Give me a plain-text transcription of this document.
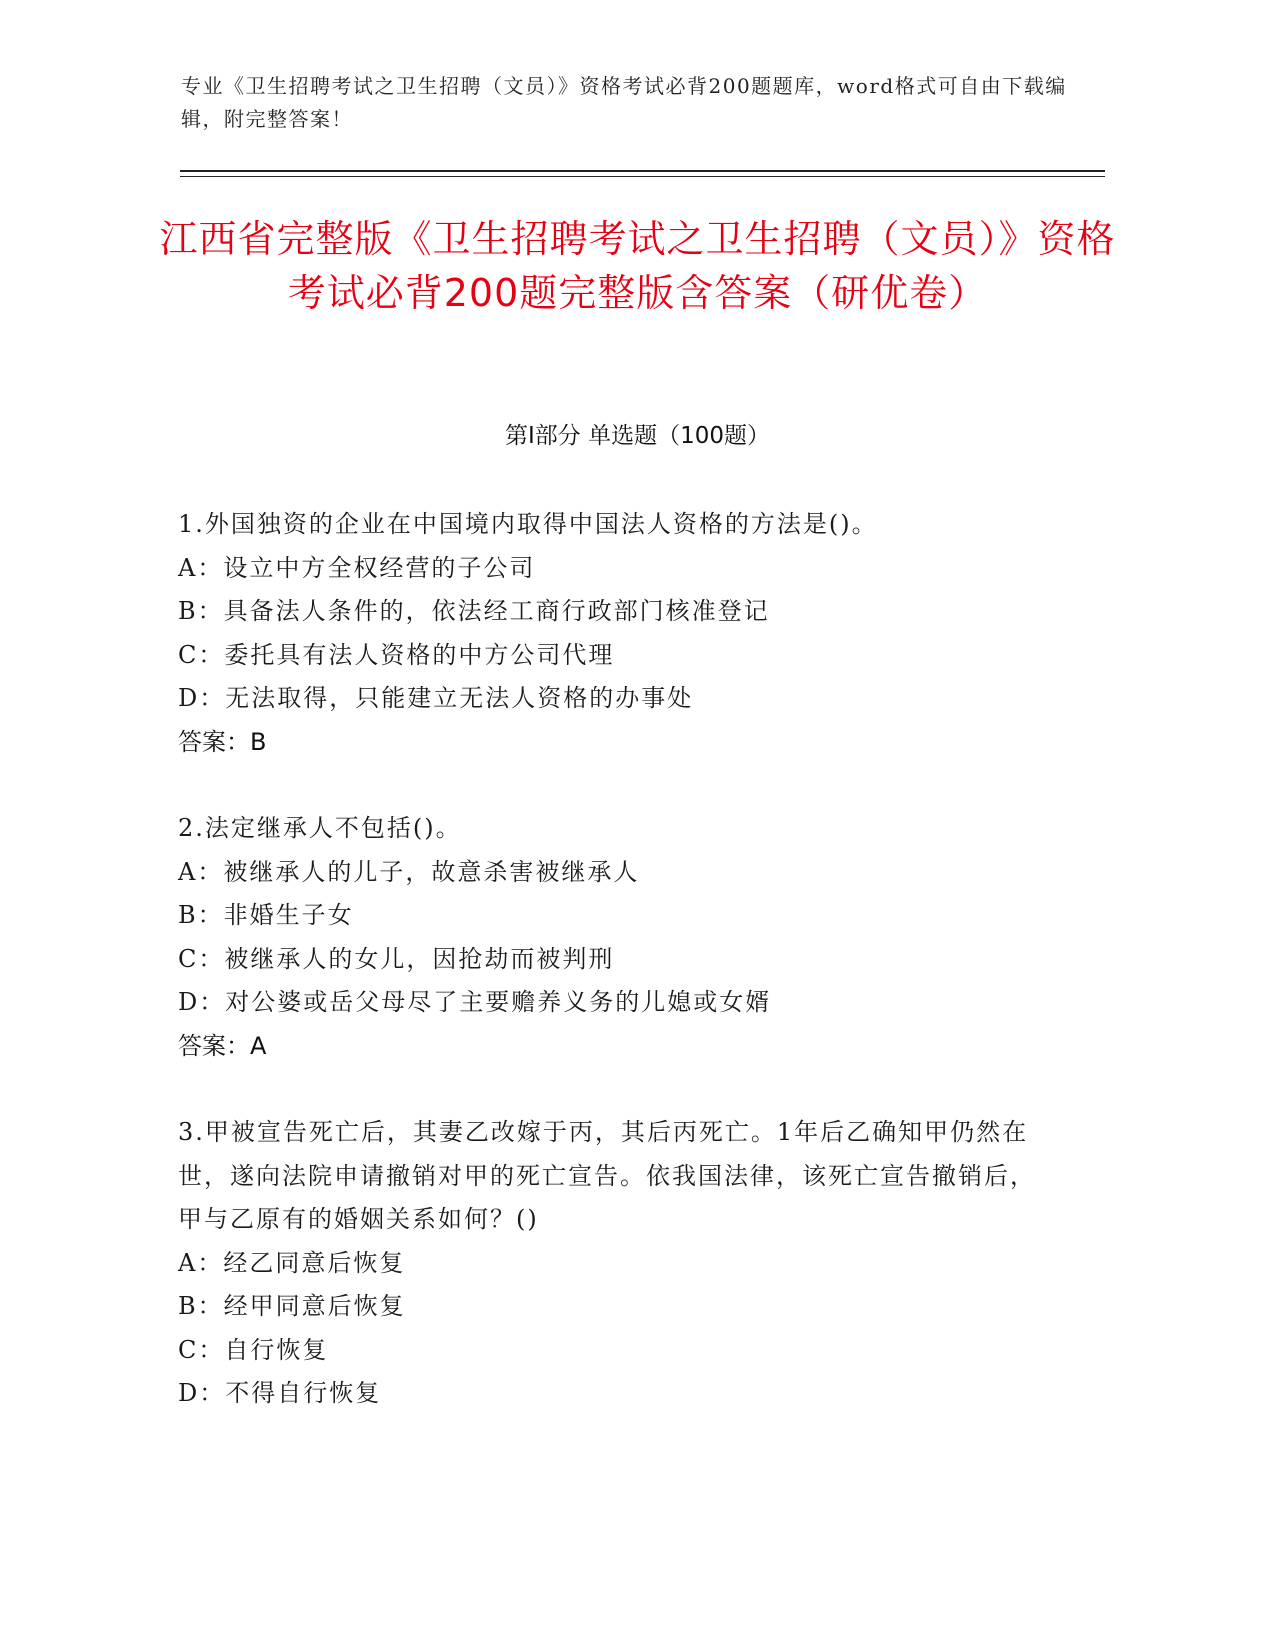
专业《卫生招聘考试之卫生招聘（文员）》资格考试必背200题题库，word格式可自由下载编辑，附完整答案！
江西省完整版《卫生招聘考试之卫生招聘（文员）》资格考试必背200题完整版含答案（研优卷）
第I部分 单选题（100题）

1.外国独资的企业在中国境内取得中国法人资格的方法是()。

A：设立中方全权经营的子公司

B：具备法人条件的，依法经工商行政部门核准登记

C：委托具有法人资格的中方公司代理

D：无法取得，只能建立无法人资格的办事处

答案：B

2.法定继承人不包括()。

A：被继承人的儿子，故意杀害被继承人

B：非婚生子女

C：被继承人的女儿，因抢劫而被判刑

D：对公婆或岳父母尽了主要赡养义务的儿媳或女婿

答案：A

3.甲被宣告死亡后，其妻乙改嫁于丙，其后丙死亡。1年后乙确知甲仍然在世，遂向法院申请撤销对甲的死亡宣告。依我国法律，该死亡宣告撤销后，甲与乙原有的婚姻关系如何？()

A：经乙同意后恢复

B：经甲同意后恢复

C：自行恢复

D：不得自行恢复
